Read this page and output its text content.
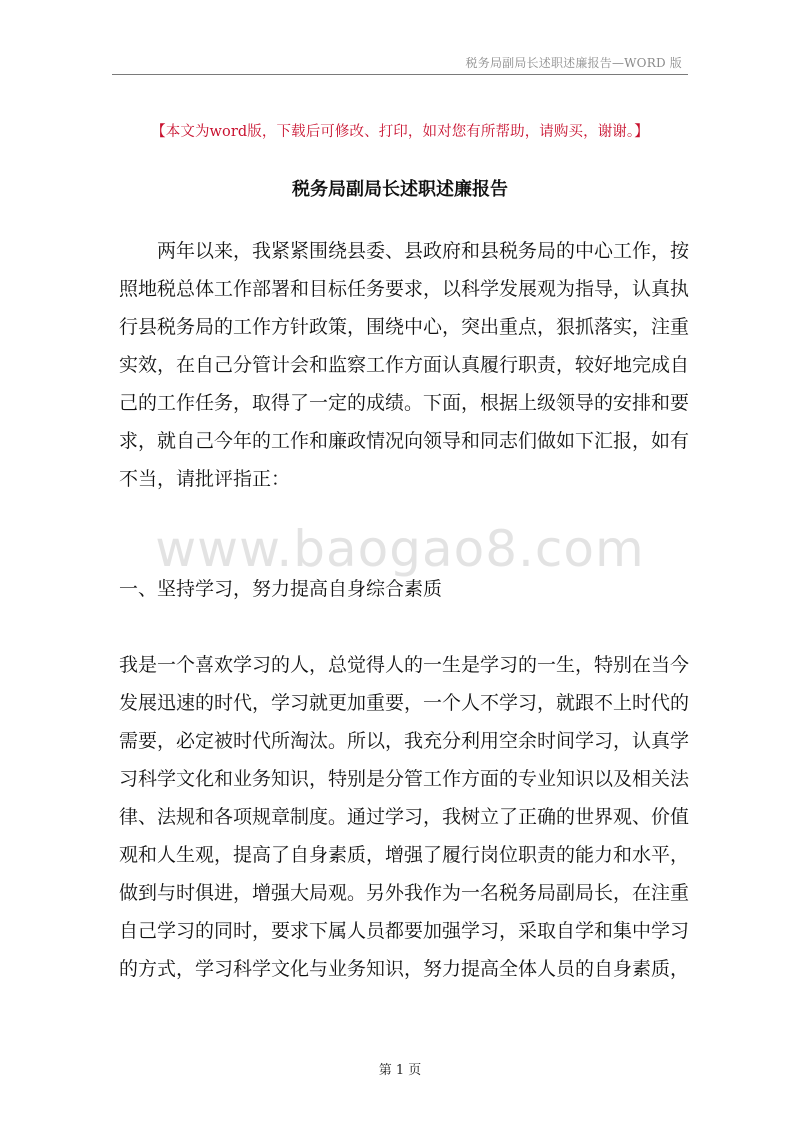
税务局副局长述职述廉报告—WORD 版
【本文为word版，下载后可修改、打印，如对您有所帮助，请购买，谢谢。】
税务局副局长述职述廉报告
两年以来，我紧紧围绕县委、县政府和县税务局的中心工作，按
照地税总体工作部署和目标任务要求，以科学发展观为指导，认真执
行县税务局的工作方针政策，围绕中心，突出重点，狠抓落实，注重
实效，在自己分管计会和监察工作方面认真履行职责，较好地完成自
己的工作任务，取得了一定的成绩。下面，根据上级领导的安排和要
求，就自己今年的工作和廉政情况向领导和同志们做如下汇报，如有
不当，请批评指正：
www.baogao8.com
一、坚持学习，努力提高自身综合素质
我是一个喜欢学习的人，总觉得人的一生是学习的一生，特别在当今
发展迅速的时代，学习就更加重要，一个人不学习，就跟不上时代的
需要，必定被时代所淘汰。所以，我充分利用空余时间学习，认真学
习科学文化和业务知识，特别是分管工作方面的专业知识以及相关法
律、法规和各项规章制度。通过学习，我树立了正确的世界观、价值
观和人生观，提高了自身素质，增强了履行岗位职责的能力和水平，
做到与时俱进，增强大局观。另外我作为一名税务局副局长，在注重
自己学习的同时，要求下属人员都要加强学习，采取自学和集中学习
的方式，学习科学文化与业务知识，努力提高全体人员的自身素质，
第 1 页
